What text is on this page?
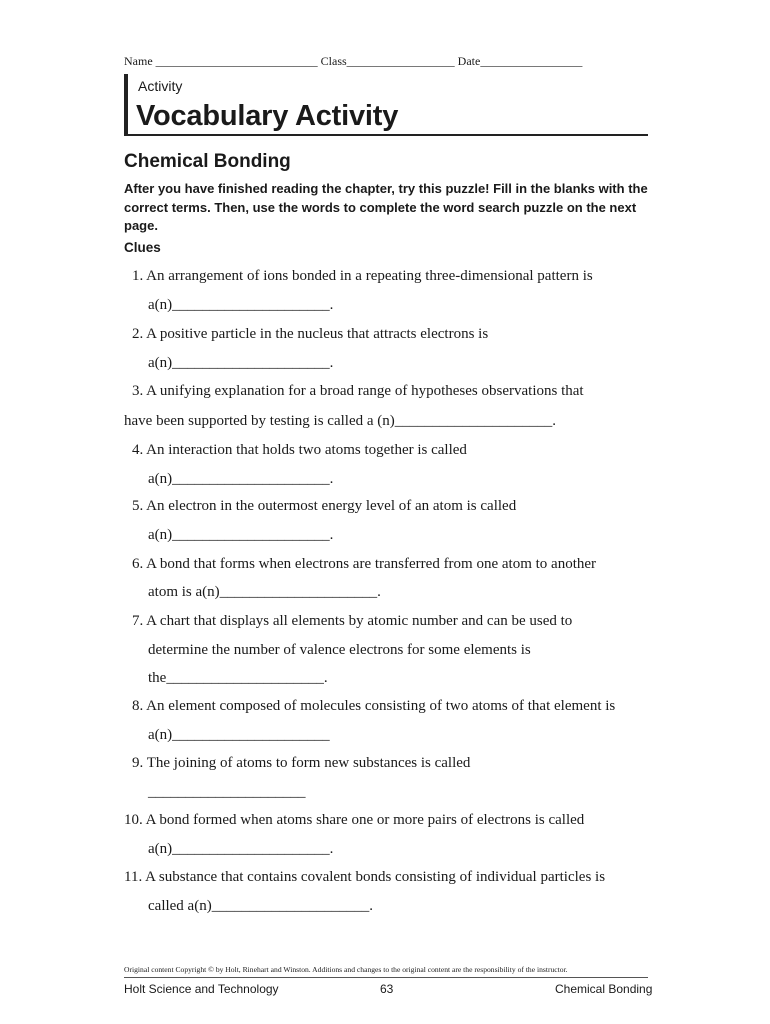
Name ___________________________ Class__________________ Date_________________
Activity
Vocabulary Activity
Chemical Bonding
After you have finished reading the chapter, try this puzzle! Fill in the blanks with the correct terms. Then, use the words to complete the word search puzzle on the next page.
Clues
1. An arrangement of ions bonded in a repeating three-dimensional pattern is
a(n)_____________________.
2. A positive particle in the nucleus that attracts electrons is
a(n)_____________________.
3. A unifying explanation for a broad range of hypotheses observations that
have been supported by testing is called a (n)_____________________.
4. An interaction that holds two atoms together is called
a(n)_____________________.
5. An electron in the outermost energy level of an atom is called
a(n)_____________________.
6. A bond that forms when electrons are transferred from one atom to another
atom is a(n)_____________________.
7. A chart that displays all elements by atomic number and can be used to
determine the number of valence electrons for some elements is
the_____________________.
8. An element composed of molecules consisting of two atoms of that element is
a(n)_____________________
9. The joining of atoms to form new substances is called
_____________________
10. A bond formed when atoms share one or more pairs of electrons is called
a(n)_____________________.
11. A substance that contains covalent bonds consisting of individual particles is
called a(n)_____________________.
Original content Copyright © by Holt, Rinehart and Winston. Additions and changes to the original content are the responsibility of the instructor.
Holt Science and Technology	63	Chemical Bonding
